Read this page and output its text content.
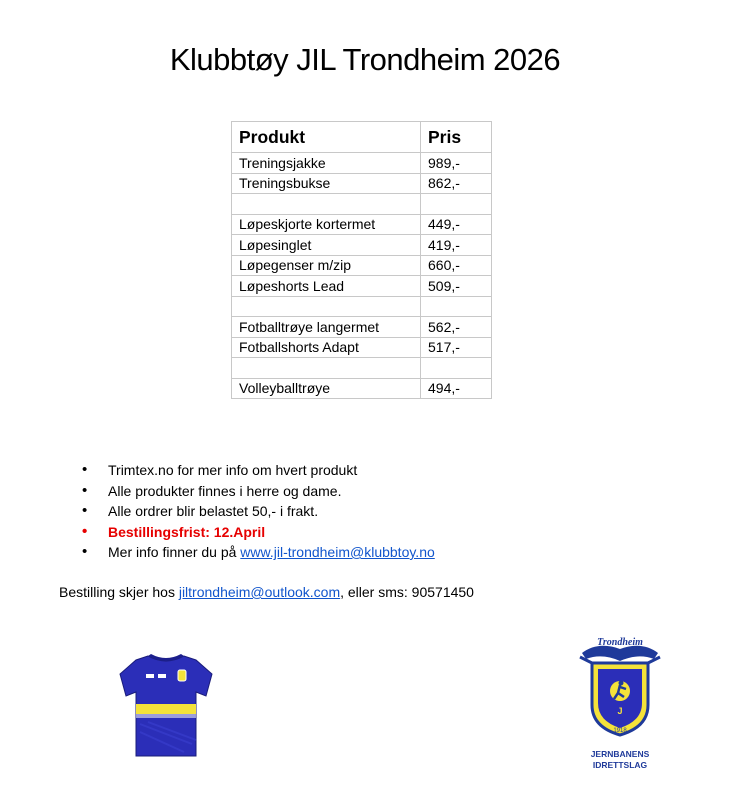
Klubbtøy JIL Trondheim 2026
Produkt	Pris
Treningsjakke	989,-
Treningsbukse	862,-

Løpeskjorte kortermet	449,-
Løpesinglet	419,-
Løpegenser m/zip	660,-
Løpeshorts Lead	509,-

Fotballtrøye langermet	562,-
Fotballshorts Adapt	517,-

Volleyballtrøye	494,-
• Trimtex.no for mer info om hvert produkt
• Alle produkter finnes i herre og dame.
• Alle ordrer blir belastet 50,- i frakt.
• Bestillingsfrist: 12.April
• Mer info finner du på www.jil-trondheim@klubbtoy.no
Bestilling skjer hos jiltrondheim@outlook.com, eller sms: 90571450
J
Trondheim
1918
JERNBANENS
IDRETTSLAG
